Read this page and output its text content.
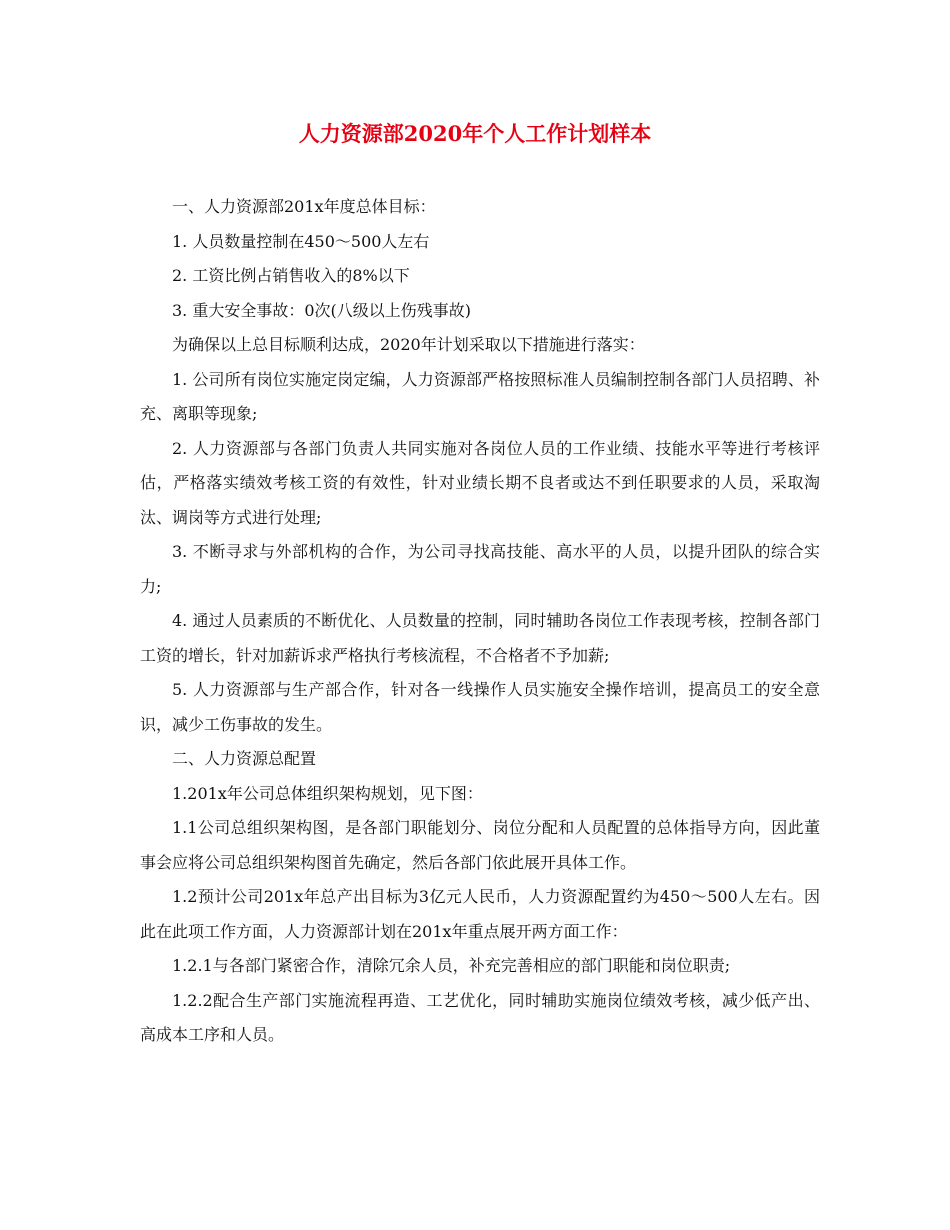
人力资源部2020年个人工作计划样本

一、人力资源部201x年度总体目标：

1. 人员数量控制在450～500人左右

2. 工资比例占销售收入的8%以下

3. 重大安全事故：0次(八级以上伤残事故)

为确保以上总目标顺利达成，2020年计划采取以下措施进行落实：

1. 公司所有岗位实施定岗定编，人力资源部严格按照标准人员编制控制各部门人员招聘、补充、离职等现象;

2. 人力资源部与各部门负责人共同实施对各岗位人员的工作业绩、技能水平等进行考核评估，严格落实绩效考核工资的有效性，针对业绩长期不良者或达不到任职要求的人员，采取淘汰、调岗等方式进行处理;

3. 不断寻求与外部机构的合作，为公司寻找高技能、高水平的人员，以提升团队的综合实力;

4. 通过人员素质的不断优化、人员数量的控制，同时辅助各岗位工作表现考核，控制各部门工资的增长，针对加薪诉求严格执行考核流程，不合格者不予加薪;

5. 人力资源部与生产部合作，针对各一线操作人员实施安全操作培训，提高员工的安全意识，减少工伤事故的发生。

二、人力资源总配置

1.201x年公司总体组织架构规划，见下图：

1.1公司总组织架构图，是各部门职能划分、岗位分配和人员配置的总体指导方向，因此董事会应将公司总组织架构图首先确定，然后各部门依此展开具体工作。

1.2预计公司201x年总产出目标为3亿元人民币，人力资源配置约为450～500人左右。因此在此项工作方面，人力资源部计划在201x年重点展开两方面工作：

1.2.1与各部门紧密合作，清除冗余人员，补充完善相应的部门职能和岗位职责;

1.2.2配合生产部门实施流程再造、工艺优化，同时辅助实施岗位绩效考核，减少低产出、高成本工序和人员。
